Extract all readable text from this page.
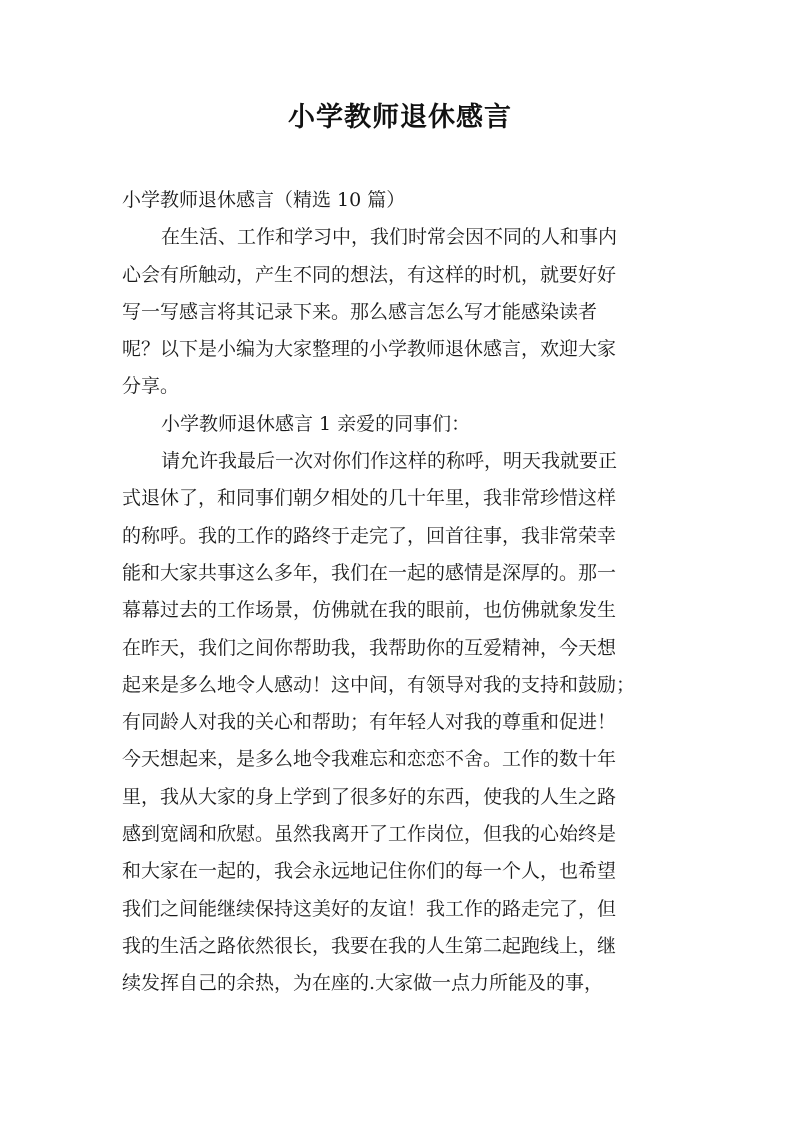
小学教师退休感言
小学教师退休感言（精选 10 篇）
在生活、工作和学习中，我们时常会因不同的人和事内
心会有所触动，产生不同的想法，有这样的时机，就要好好
写一写感言将其记录下来。那么感言怎么写才能感染读者
呢？以下是小编为大家整理的小学教师退休感言，欢迎大家
分享。
小学教师退休感言 1 亲爱的同事们：
请允许我最后一次对你们作这样的称呼，明天我就要正
式退休了，和同事们朝夕相处的几十年里，我非常珍惜这样
的称呼。我的工作的路终于走完了，回首往事，我非常荣幸
能和大家共事这么多年，我们在一起的感情是深厚的。那一
幕幕过去的工作场景，仿佛就在我的眼前，也仿佛就象发生
在昨天，我们之间你帮助我，我帮助你的互爱精神，今天想
起来是多么地令人感动！这中间，有领导对我的支持和鼓励；
有同龄人对我的关心和帮助；有年轻人对我的尊重和促进！
今天想起来，是多么地令我难忘和恋恋不舍。工作的数十年
里，我从大家的身上学到了很多好的东西，使我的人生之路
感到宽阔和欣慰。虽然我离开了工作岗位，但我的心始终是
和大家在一起的，我会永远地记住你们的每一个人，也希望
我们之间能继续保持这美好的友谊！我工作的路走完了，但
我的生活之路依然很长，我要在我的人生第二起跑线上，继
续发挥自己的余热，为在座的.大家做一点力所能及的事，
